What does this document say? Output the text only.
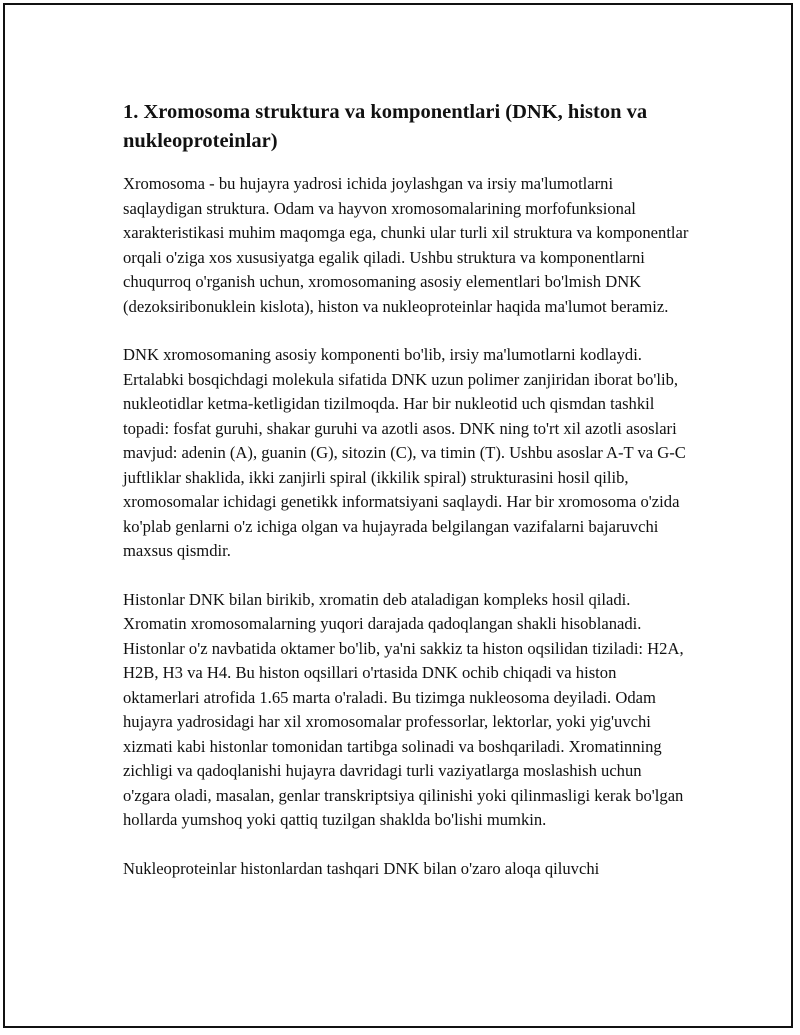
1. Xromosoma struktura va komponentlari (DNK, histon va nukleoproteinlar)

Xromosoma - bu hujayra yadrosi ichida joylashgan va irsiy ma'lumotlarni saqlaydigan struktura. Odam va hayvon xromosomalarining morfofunksional xarakteristikasi muhim maqomga ega, chunki ular turli xil struktura va komponentlar orqali o'ziga xos xususiyatga egalik qiladi. Ushbu struktura va komponentlarni chuqurroq o'rganish uchun, xromosomaning asosiy elementlari bo'lmish DNK (dezoksiribonuklein kislota), histon va nukleoproteinlar haqida ma'lumot beramiz.

DNK xromosomaning asosiy komponenti bo'lib, irsiy ma'lumotlarni kodlaydi. Ertalabki bosqichdagi molekula sifatida DNK uzun polimer zanjiridan iborat bo'lib, nukleotidlar ketma-ketligidan tizilmoqda. Har bir nukleotid uch qismdan tashkil topadi: fosfat guruhi, shakar guruhi va azotli asos. DNK ning to'rt xil azotli asoslari mavjud: adenin (A), guanin (G), sitozin (C), va timin (T). Ushbu asoslar A-T va G-C juftliklar shaklida, ikki zanjirli spiral (ikkilik spiral) strukturasini hosil qilib, xromosomalar ichidagi genetikk informatsiyani saqlaydi. Har bir xromosoma o'zida ko'plab genlarni o'z ichiga olgan va hujayrada belgilangan vazifalarni bajaruvchi maxsus qismdir.

Histonlar DNK bilan birikib, xromatin deb ataladigan kompleks hosil qiladi. Xromatin xromosomalarning yuqori darajada qadoqlangan shakli hisoblanadi. Histonlar o'z navbatida oktamer bo'lib, ya'ni sakkiz ta histon oqsilidan tiziladi: H2A, H2B, H3 va H4. Bu histon oqsillari o'rtasida DNK ochib chiqadi va histon oktamerlari atrofida 1.65 marta o'raladi. Bu tizimga nukleosoma deyiladi. Odam hujayra yadrosidagi har xil xromosomalar professorlar, lektorlar, yoki yig'uvchi xizmati kabi histonlar tomonidan tartibga solinadi va boshqariladi. Xromatinning zichligi va qadoqlanishi hujayra davridagi turli vaziyatlarga moslashish uchun o'zgara oladi, masalan, genlar transkriptsiya qilinishi yoki qilinmasligi kerak bo'lgan hollarda yumshoq yoki qattiq tuzilgan shaklda bo'lishi mumkin.

Nukleoproteinlar histonlardan tashqari DNK bilan o'zaro aloqa qiluvchi
